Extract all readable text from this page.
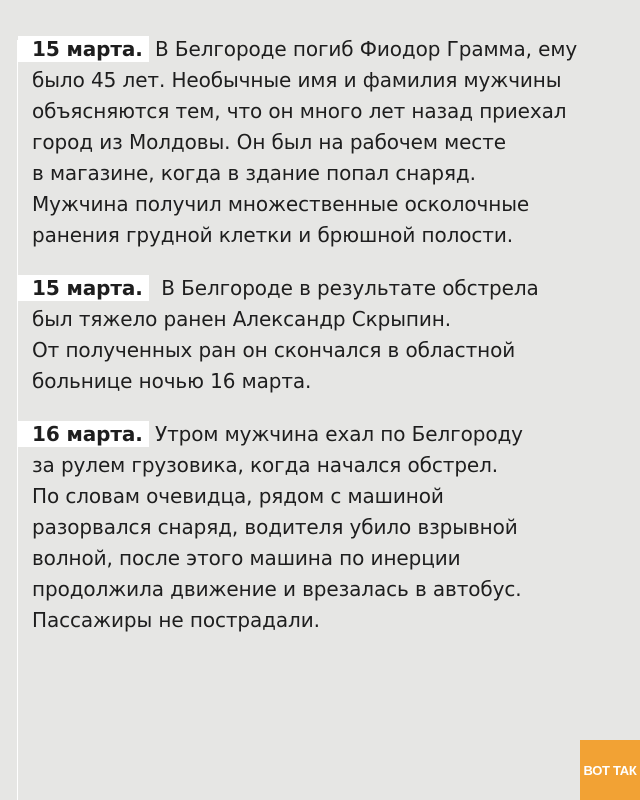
15 марта. В Белгороде погиб Фиодор Грамма, ему
было 45 лет. Необычные имя и фамилия мужчины
объясняются тем, что он много лет назад приехал
город из Молдовы. Он был на рабочем месте
в магазине, когда в здание попал снаряд.
Мужчина получил множественные осколочные
ранения грудной клетки и брюшной полости.

15 марта.  В Белгороде в результате обстрела
был тяжело ранен Александр Скрыпин.
От полученных ран он скончался в областной
больнице ночью 16 марта.

16 марта. Утром мужчина ехал по Белгороду
за рулем грузовика, когда начался обстрел.
По словам очевидца, рядом с машиной
разорвался снаряд, водителя убило взрывной
волной, после этого машина по инерции
продолжила движение и врезалась в автобус.
Пассажиры не пострадали.

ВОТ ТАК
